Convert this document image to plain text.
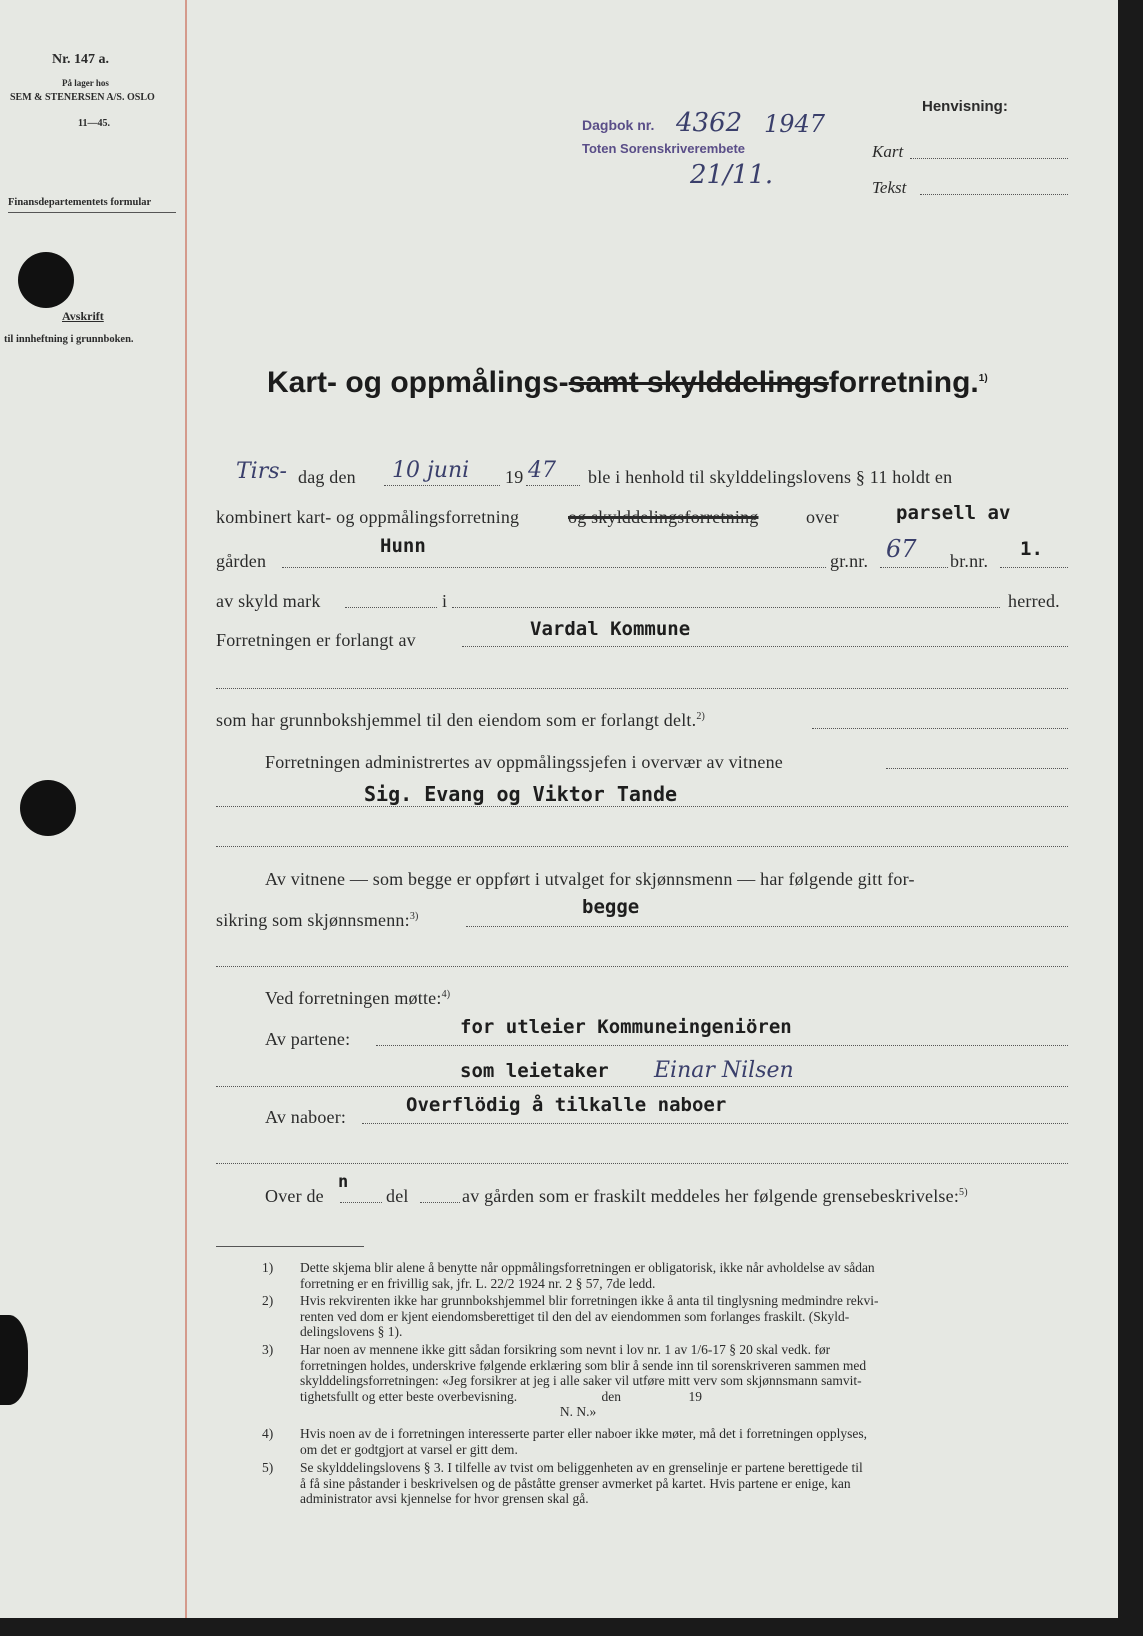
Nr. 147 a.
På lager hos
SEM & STENERSEN A/S. OSLO
11—45.
Finansdepartementets formular
Avskrift
til innheftning i grunnboken.
Dagbok nr.
Toten Sorenskriverembete
4362 1947
21/11.
Henvisning:
Kart
Tekst
Kart- og oppmålings-samt skylddelingsforretning.$^{1)}$
Tirs- dag den 10 juni 19 47 ble i henhold til skylddelingslovens § 11 holdt en
kombinert kart- og oppmålingsforretning	og skylddelingsforretning	over	parsell av
gården
Hunn
gr.nr. 67 br.nr.
1.
av skyld mark	i	herred.
Forretningen er forlangt av	Vardal Kommune
som har grunnbokshjemmel til den eiendom som er forlangt delt.$^{2)}$
Forretningen administrertes av oppmålingssjefen i overvær av vitnene
Sig. Evang og Viktor Tande
Av vitnene — som begge er oppført i utvalget for skjønnsmenn — har følgende gitt for-
sikring som skjønnsmenn:$^{3)}$	begge
Ved forretningen møtte:$^{4)}$
Av partene:
for utleier Kommuneingeniören
som leietaker Einar Nilsen
Av naboer:
Overflödig å tilkalle naboer
Over de
n
del	av gården som er fraskilt meddeles her følgende grensebeskrivelse:$^{5)}$
1) Dette skjema blir alene å benytte når oppmålingsforretningen er obligatorisk, ikke når avholdelse av sådan
forretning er en frivillig sak, jfr. L. 22/2 1924 nr. 2 § 57, 7de ledd.
2) Hvis rekvirenten ikke har grunnbokshjemmel blir forretningen ikke å anta til tinglysning medmindre rekvi-
renten ved dom er kjent eiendomsberettiget til den del av eiendommen som forlanges fraskilt. (Skyld-
delingslovens § 1).
3) Har noen av mennene ikke gitt sådan forsikring som nevnt i lov nr. 1 av 1/6-17 § 20 skal vedk. før
forretningen holdes, underskrive følgende erklæring som blir å sende inn til sorenskriveren sammen med
skylddelingsforretningen: «Jeg forsikrer at jeg i alle saker vil utføre mitt verv som skjønnsmann samvit-
tighetsfullt og etter beste overbevisning.                         den                    19
N. N.»
4) Hvis noen av de i forretningen interesserte parter eller naboer ikke møter, må det i forretningen opplyses,
om det er godtgjort at varsel er gitt dem.
5) Se skylddelingslovens § 3. I tilfelle av tvist om beliggenheten av en grenselinje er partene berettigede til
å få sine påstander i beskrivelsen og de påståtte grenser avmerket på kartet. Hvis partene er enige, kan
administrator avsi kjennelse for hvor grensen skal gå.
